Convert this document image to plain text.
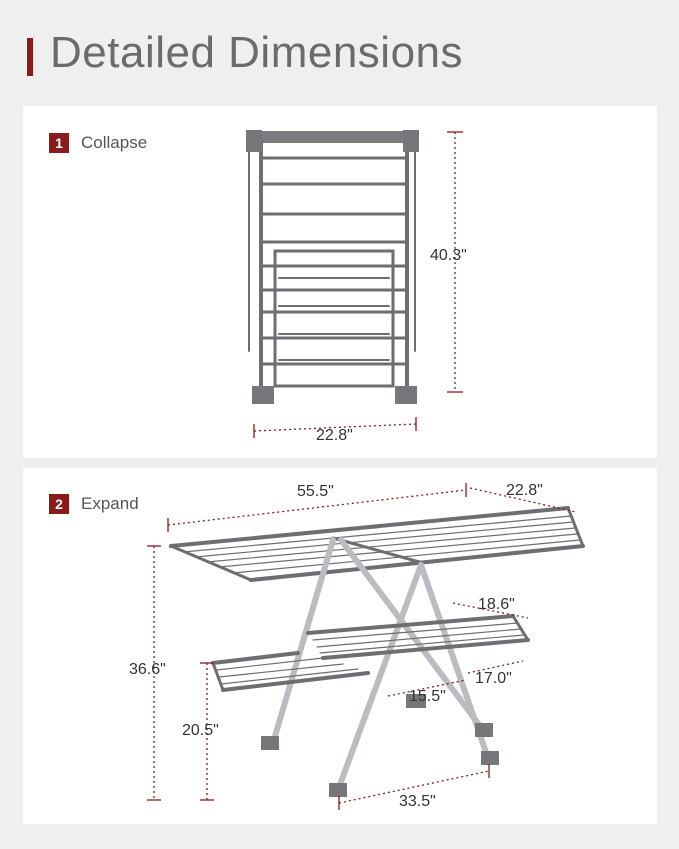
Detailed Dimensions
1	Collapse
40.3"
22.8"
2	Expand
55.5"	22.8"
18.6"
17.0"
15.5"
36.6"
20.5"
33.5"
